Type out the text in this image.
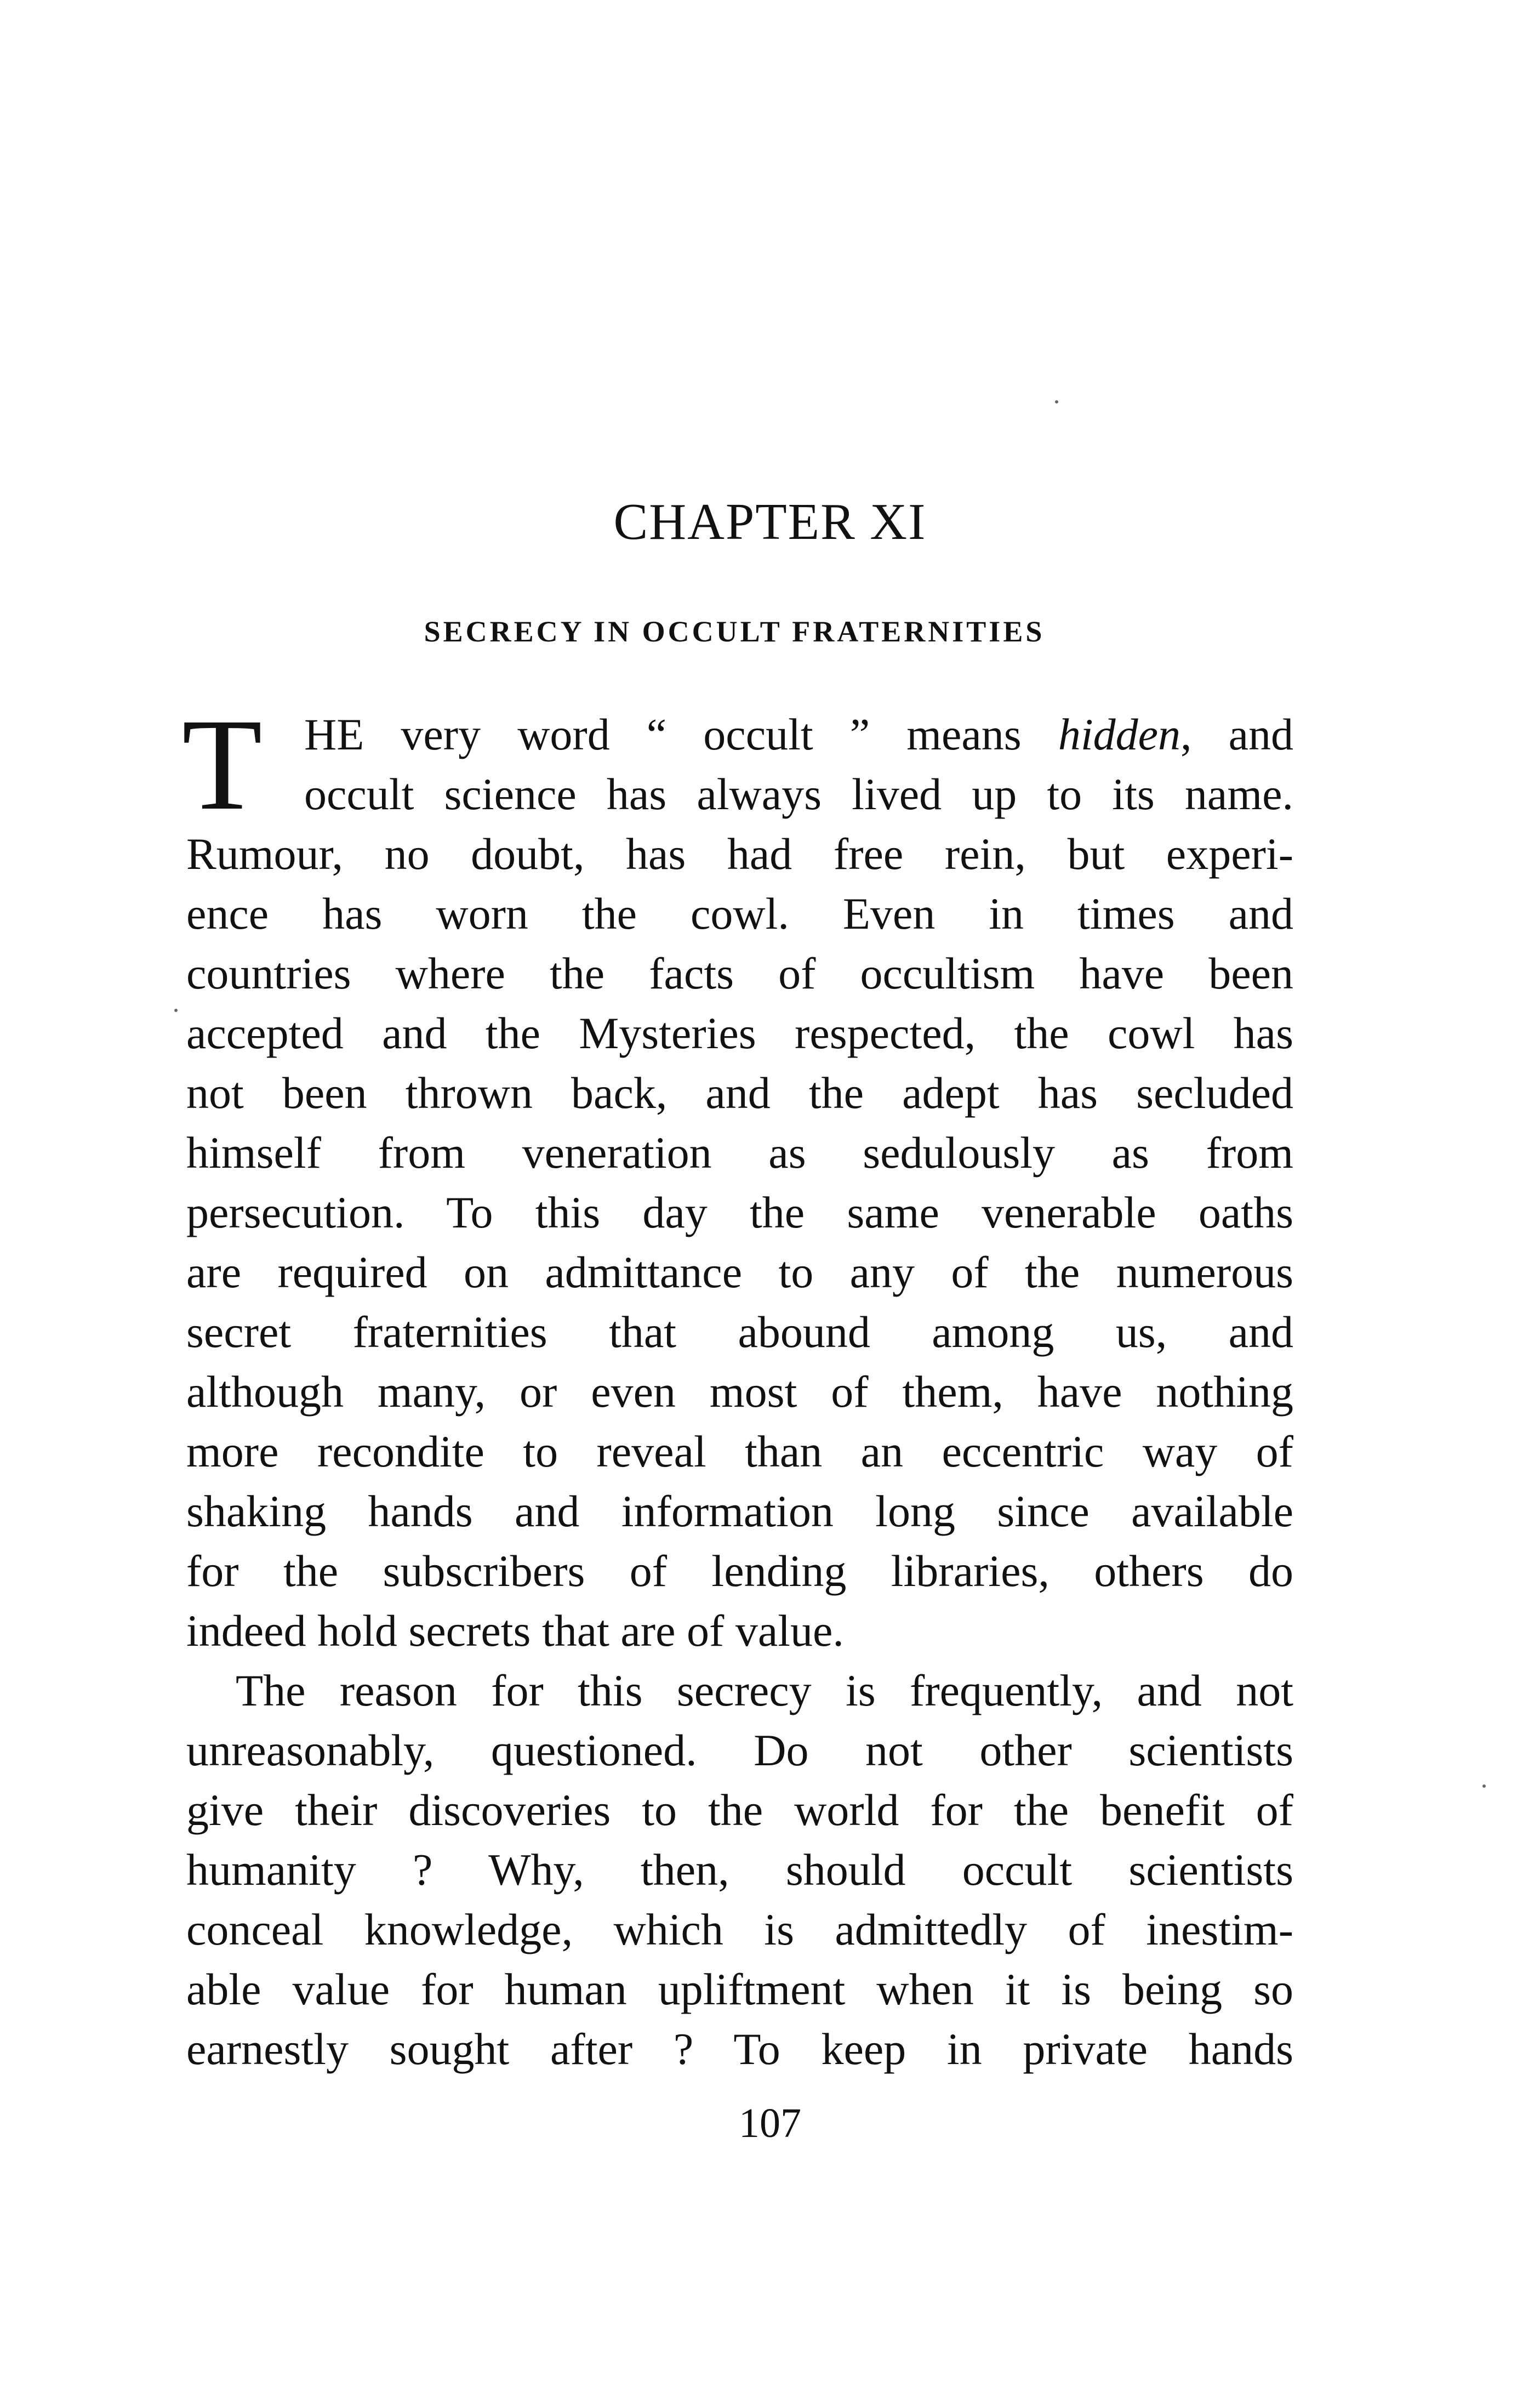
CHAPTER XI
SECRECY IN OCCULT FRATERNITIES
T HE very word “ occult ” means hidden, and
occult science has always lived up to its name.
Rumour, no doubt, has had free rein, but experi-
ence has worn the cowl. Even in times and
countries where the facts of occultism have been
accepted and the Mysteries respected, the cowl has
not been thrown back, and the adept has secluded
himself from veneration as sedulously as from
persecution. To this day the same venerable oaths
are required on admittance to any of the numerous
secret fraternities that abound among us, and
although many, or even most of them, have nothing
more recondite to reveal than an eccentric way of
shaking hands and information long since available
for the subscribers of lending libraries, others do
indeed hold secrets that are of value.
The reason for this secrecy is frequently, and not
unreasonably, questioned. Do not other scientists
give their discoveries to the world for the benefit of
humanity ? Why, then, should occult scientists
conceal knowledge, which is admittedly of inestim-
able value for human upliftment when it is being so
earnestly sought after ? To keep in private hands
107
